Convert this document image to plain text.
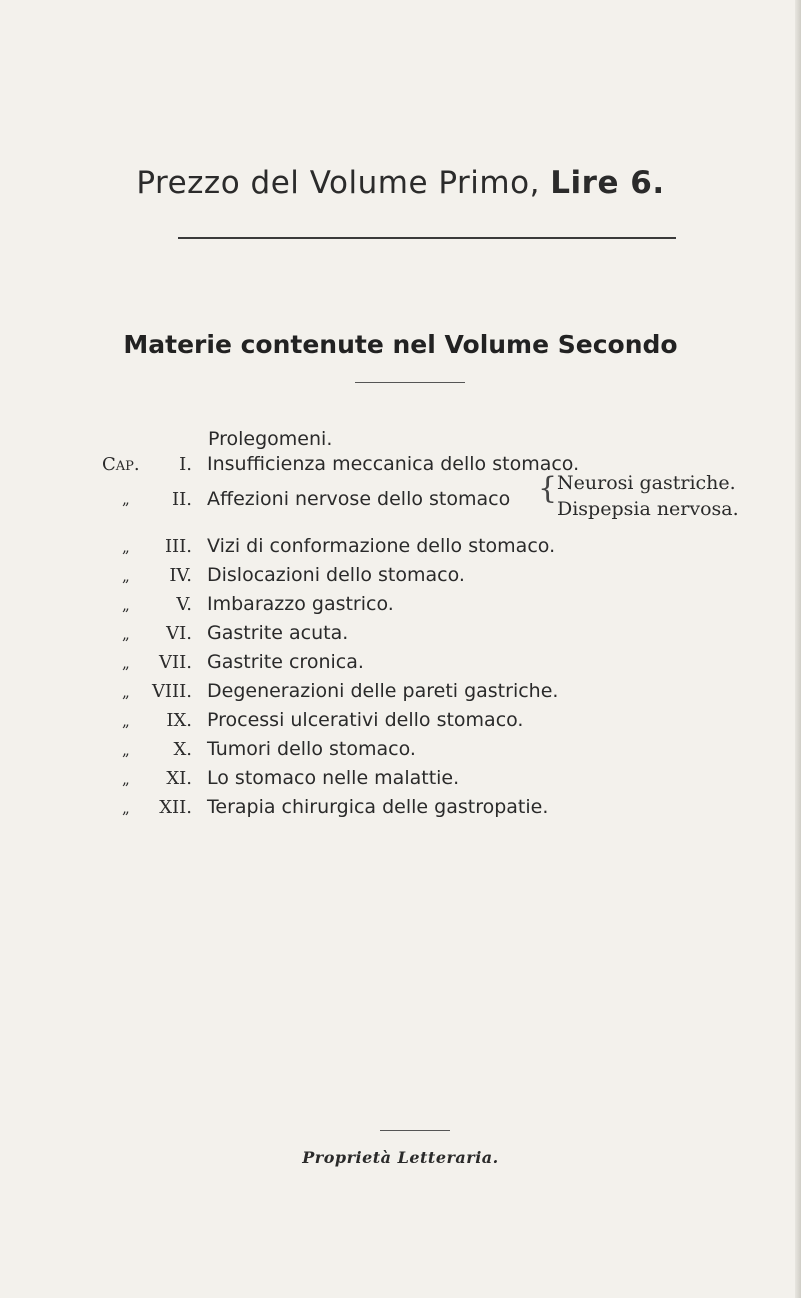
Prezzo del Volume Primo, Lire 6.
Materie contenute nel Volume Secondo
Prolegomeni.
Cap.	I. Insufficienza meccanica dello stomaco.
„	II. Affezioni nervose dello stomaco { Neurosi gastriche.
Dispepsia nervosa.
„	III. Vizi di conformazione dello stomaco.
„	IV. Dislocazioni dello stomaco.
„	V. Imbarazzo gastrico.
„	VI. Gastrite acuta.
„	VII. Gastrite cronica.
„	VIII. Degenerazioni delle pareti gastriche.
„	IX. Processi ulcerativi dello stomaco.
„	X. Tumori dello stomaco.
„	XI. Lo stomaco nelle malattie.
„	XII. Terapia chirurgica delle gastropatie.
Proprietà Letteraria.
